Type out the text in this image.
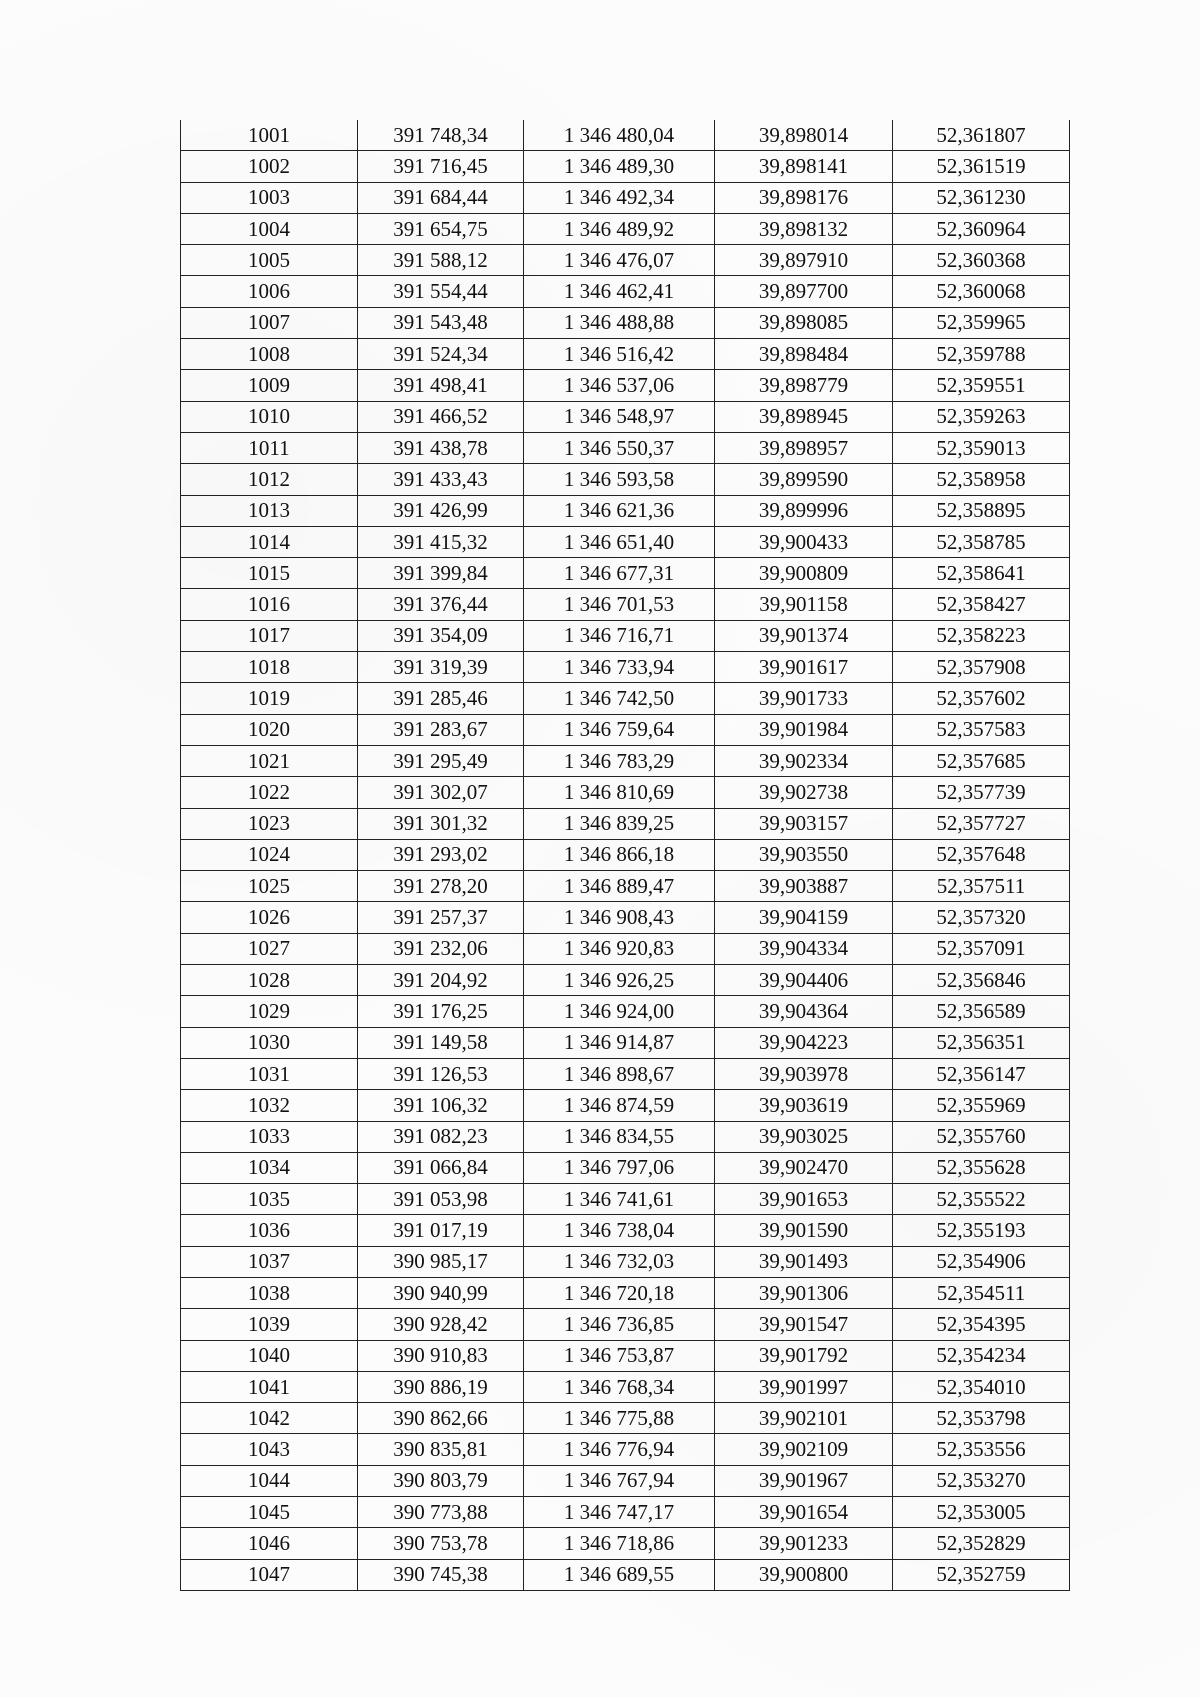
1001	391 748,34	1 346 480,04	39,898014	52,361807
1002	391 716,45	1 346 489,30	39,898141	52,361519
1003	391 684,44	1 346 492,34	39,898176	52,361230
1004	391 654,75	1 346 489,92	39,898132	52,360964
1005	391 588,12	1 346 476,07	39,897910	52,360368
1006	391 554,44	1 346 462,41	39,897700	52,360068
1007	391 543,48	1 346 488,88	39,898085	52,359965
1008	391 524,34	1 346 516,42	39,898484	52,359788
1009	391 498,41	1 346 537,06	39,898779	52,359551
1010	391 466,52	1 346 548,97	39,898945	52,359263
1011	391 438,78	1 346 550,37	39,898957	52,359013
1012	391 433,43	1 346 593,58	39,899590	52,358958
1013	391 426,99	1 346 621,36	39,899996	52,358895
1014	391 415,32	1 346 651,40	39,900433	52,358785
1015	391 399,84	1 346 677,31	39,900809	52,358641
1016	391 376,44	1 346 701,53	39,901158	52,358427
1017	391 354,09	1 346 716,71	39,901374	52,358223
1018	391 319,39	1 346 733,94	39,901617	52,357908
1019	391 285,46	1 346 742,50	39,901733	52,357602
1020	391 283,67	1 346 759,64	39,901984	52,357583
1021	391 295,49	1 346 783,29	39,902334	52,357685
1022	391 302,07	1 346 810,69	39,902738	52,357739
1023	391 301,32	1 346 839,25	39,903157	52,357727
1024	391 293,02	1 346 866,18	39,903550	52,357648
1025	391 278,20	1 346 889,47	39,903887	52,357511
1026	391 257,37	1 346 908,43	39,904159	52,357320
1027	391 232,06	1 346 920,83	39,904334	52,357091
1028	391 204,92	1 346 926,25	39,904406	52,356846
1029	391 176,25	1 346 924,00	39,904364	52,356589
1030	391 149,58	1 346 914,87	39,904223	52,356351
1031	391 126,53	1 346 898,67	39,903978	52,356147
1032	391 106,32	1 346 874,59	39,903619	52,355969
1033	391 082,23	1 346 834,55	39,903025	52,355760
1034	391 066,84	1 346 797,06	39,902470	52,355628
1035	391 053,98	1 346 741,61	39,901653	52,355522
1036	391 017,19	1 346 738,04	39,901590	52,355193
1037	390 985,17	1 346 732,03	39,901493	52,354906
1038	390 940,99	1 346 720,18	39,901306	52,354511
1039	390 928,42	1 346 736,85	39,901547	52,354395
1040	390 910,83	1 346 753,87	39,901792	52,354234
1041	390 886,19	1 346 768,34	39,901997	52,354010
1042	390 862,66	1 346 775,88	39,902101	52,353798
1043	390 835,81	1 346 776,94	39,902109	52,353556
1044	390 803,79	1 346 767,94	39,901967	52,353270
1045	390 773,88	1 346 747,17	39,901654	52,353005
1046	390 753,78	1 346 718,86	39,901233	52,352829
1047	390 745,38	1 346 689,55	39,900800	52,352759
